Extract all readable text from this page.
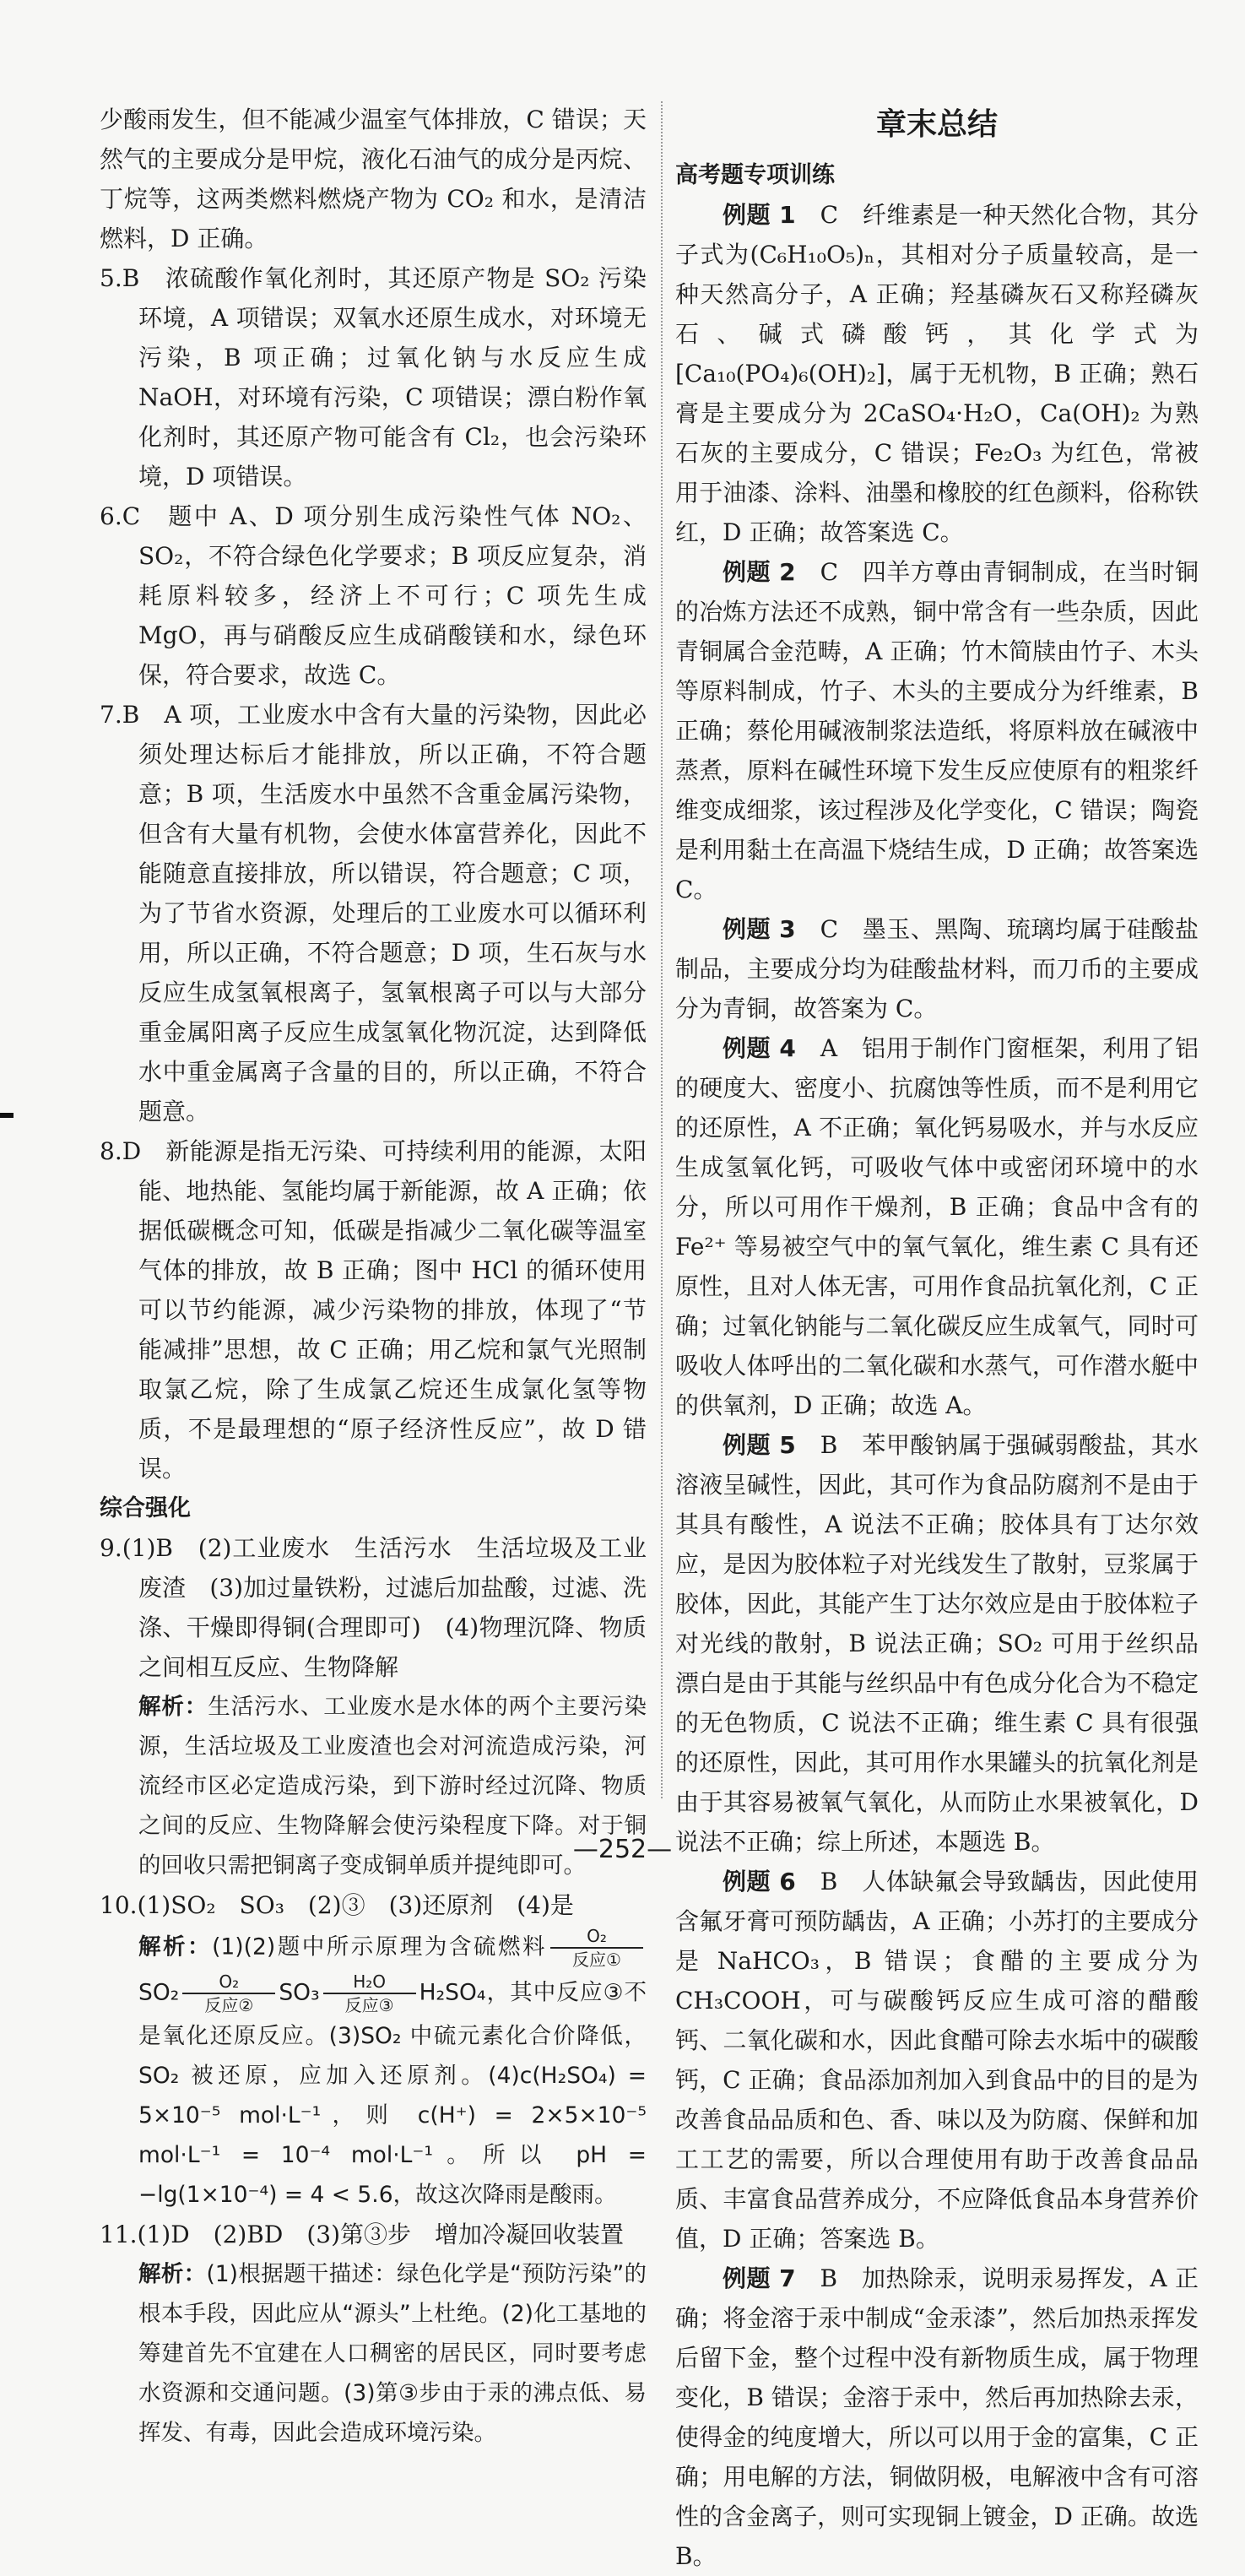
少酸雨发生，但不能减少温室气体排放，C 错误；天然气的主要成分是甲烷，液化石油气的成分是丙烷、丁烷等，这两类燃料燃烧产物为 CO₂ 和水，是清洁燃料，D 正确。

5.B　浓硫酸作氧化剂时，其还原产物是 SO₂ 污染环境，A 项错误；双氧水还原生成水，对环境无污染，B 项正确；过氧化钠与水反应生成 NaOH，对环境有污染，C 项错误；漂白粉作氧化剂时，其还原产物可能含有 Cl₂，也会污染环境，D 项错误。

6.C　题中 A、D 项分别生成污染性气体 NO₂、SO₂，不符合绿色化学要求；B 项反应复杂，消耗原料较多，经济上不可行；C 项先生成 MgO，再与硝酸反应生成硝酸镁和水，绿色环保，符合要求，故选 C。

7.B　A 项，工业废水中含有大量的污染物，因此必须处理达标后才能排放，所以正确，不符合题意；B 项，生活废水中虽然不含重金属污染物，但含有大量有机物，会使水体富营养化，因此不能随意直接排放，所以错误，符合题意；C 项，为了节省水资源，处理后的工业废水可以循环利用，所以正确，不符合题意；D 项，生石灰与水反应生成氢氧根离子，氢氧根离子可以与大部分重金属阳离子反应生成氢氧化物沉淀，达到降低水中重金属离子含量的目的，所以正确，不符合题意。

8.D　新能源是指无污染、可持续利用的能源，太阳能、地热能、氢能均属于新能源，故 A 正确；依据低碳概念可知，低碳是指减少二氧化碳等温室气体的排放，故 B 正确；图中 HCl 的循环使用可以节约能源，减少污染物的排放，体现了“节能减排”思想，故 C 正确；用乙烷和氯气光照制取氯乙烷，除了生成氯乙烷还生成氯化氢等物质，不是最理想的“原子经济性反应”，故 D 错误。

综合强化

9.(1)B　(2)工业废水　生活污水　生活垃圾及工业废渣　(3)加过量铁粉，过滤后加盐酸，过滤、洗涤、干燥即得铜(合理即可)　(4)物理沉降、物质之间相互反应、生物降解

解析：生活污水、工业废水是水体的两个主要污染源，生活垃圾及工业废渣也会对河流造成污染，河流经市区必定造成污染，到下游时经过沉降、物质之间的反应、生物降解会使污染程度下降。对于铜的回收只需把铜离子变成铜单质并提纯即可。

10.(1)SO₂　SO₃　(2)③　(3)还原剂　(4)是

解析：(1)(2)题中所示原理为含硫燃料	O₂
反应①
SO₂	O₂
反应②	SO₃	H₂O
反应③	H₂SO₄，其中反应③不是氧化还原反应。(3)SO₂ 中硫元素化合价降低，SO₂ 被还原，应加入还原剂。(4)c(H₂SO₄) = 5×10⁻⁵ mol·L⁻¹，则 c(H⁺) = 2×5×10⁻⁵ mol·L⁻¹ = 10⁻⁴ mol·L⁻¹。所以 pH = −lg(1×10⁻⁴) = 4 < 5.6，故这次降雨是酸雨。

11.(1)D　(2)BD　(3)第③步　增加冷凝回收装置

解析：(1)根据题干描述：绿色化学是“预防污染”的根本手段，因此应从“源头”上杜绝。(2)化工基地的筹建首先不宜建在人口稠密的居民区，同时要考虑水资源和交通问题。(3)第③步由于汞的沸点低、易挥发、有毒，因此会造成环境污染。

章末总结

高考题专项训练

例题 1　 C　纤维素是一种天然化合物，其分子式为(C₆H₁₀O₅)ₙ，其相对分子质量较高，是一种天然高分子，A 正确；羟基磷灰石又称羟磷灰石、碱式磷酸钙，其化学式为[Ca₁₀(PO₄)₆(OH)₂]，属于无机物，B 正确；熟石膏是主要成分为 2CaSO₄·H₂O，Ca(OH)₂ 为熟石灰的主要成分，C 错误；Fe₂O₃ 为红色，常被用于油漆、涂料、油墨和橡胶的红色颜料，俗称铁红，D 正确；故答案选 C。

例题 2　 C　四羊方尊由青铜制成，在当时铜的冶炼方法还不成熟，铜中常含有一些杂质，因此青铜属合金范畴，A 正确；竹木简牍由竹子、木头等原料制成，竹子、木头的主要成分为纤维素，B 正确；蔡伦用碱液制浆法造纸，将原料放在碱液中蒸煮，原料在碱性环境下发生反应使原有的粗浆纤维变成细浆，该过程涉及化学变化，C 错误；陶瓷是利用黏土在高温下烧结生成，D 正确；故答案选 C。

例题 3　 C　墨玉、黑陶、琉璃均属于硅酸盐制品，主要成分均为硅酸盐材料，而刀币的主要成分为青铜，故答案为 C。

例题 4　 A　铝用于制作门窗框架，利用了铝的硬度大、密度小、抗腐蚀等性质，而不是利用它的还原性，A 不正确；氧化钙易吸水，并与水反应生成氢氧化钙，可吸收气体中或密闭环境中的水分，所以可用作干燥剂，B 正确；食品中含有的 Fe²⁺ 等易被空气中的氧气氧化，维生素 C 具有还原性，且对人体无害，可用作食品抗氧化剂，C 正确；过氧化钠能与二氧化碳反应生成氧气，同时可吸收人体呼出的二氧化碳和水蒸气，可作潜水艇中的供氧剂，D 正确；故选 A。

例题 5　 B　苯甲酸钠属于强碱弱酸盐，其水溶液呈碱性，因此，其可作为食品防腐剂不是由于其具有酸性，A 说法不正确；胶体具有丁达尔效应，是因为胶体粒子对光线发生了散射，豆浆属于胶体，因此，其能产生丁达尔效应是由于胶体粒子对光线的散射，B 说法正确；SO₂ 可用于丝织品漂白是由于其能与丝织品中有色成分化合为不稳定的无色物质，C 说法不正确；维生素 C 具有很强的还原性，因此，其可用作水果罐头的抗氧化剂是由于其容易被氧气氧化，从而防止水果被氧化，D 说法不正确；综上所述，本题选 B。

例题 6　 B　人体缺氟会导致龋齿，因此使用含氟牙膏可预防龋齿，A 正确；小苏打的主要成分是 NaHCO₃，B 错误；食醋的主要成分为 CH₃COOH，可与碳酸钙反应生成可溶的醋酸钙、二氧化碳和水，因此食醋可除去水垢中的碳酸钙，C 正确；食品添加剂加入到食品中的目的是为改善食品品质和色、香、味以及为防腐、保鲜和加工工艺的需要，所以合理使用有助于改善食品品质、丰富食品营养成分，不应降低食品本身营养价值，D 正确；答案选 B。

例题 7　 B　加热除汞，说明汞易挥发，A 正确；将金溶于汞中制成“金汞漆”，然后加热汞挥发后留下金，整个过程中没有新物质生成，属于物理变化，B 错误；金溶于汞中，然后再加热除去汞，使得金的纯度增大，所以可以用于金的富集，C 正确；用电解的方法，铜做阴极，电解液中含有可溶性的含金离子，则可实现铜上镀金，D 正确。故选 B。

—252—
